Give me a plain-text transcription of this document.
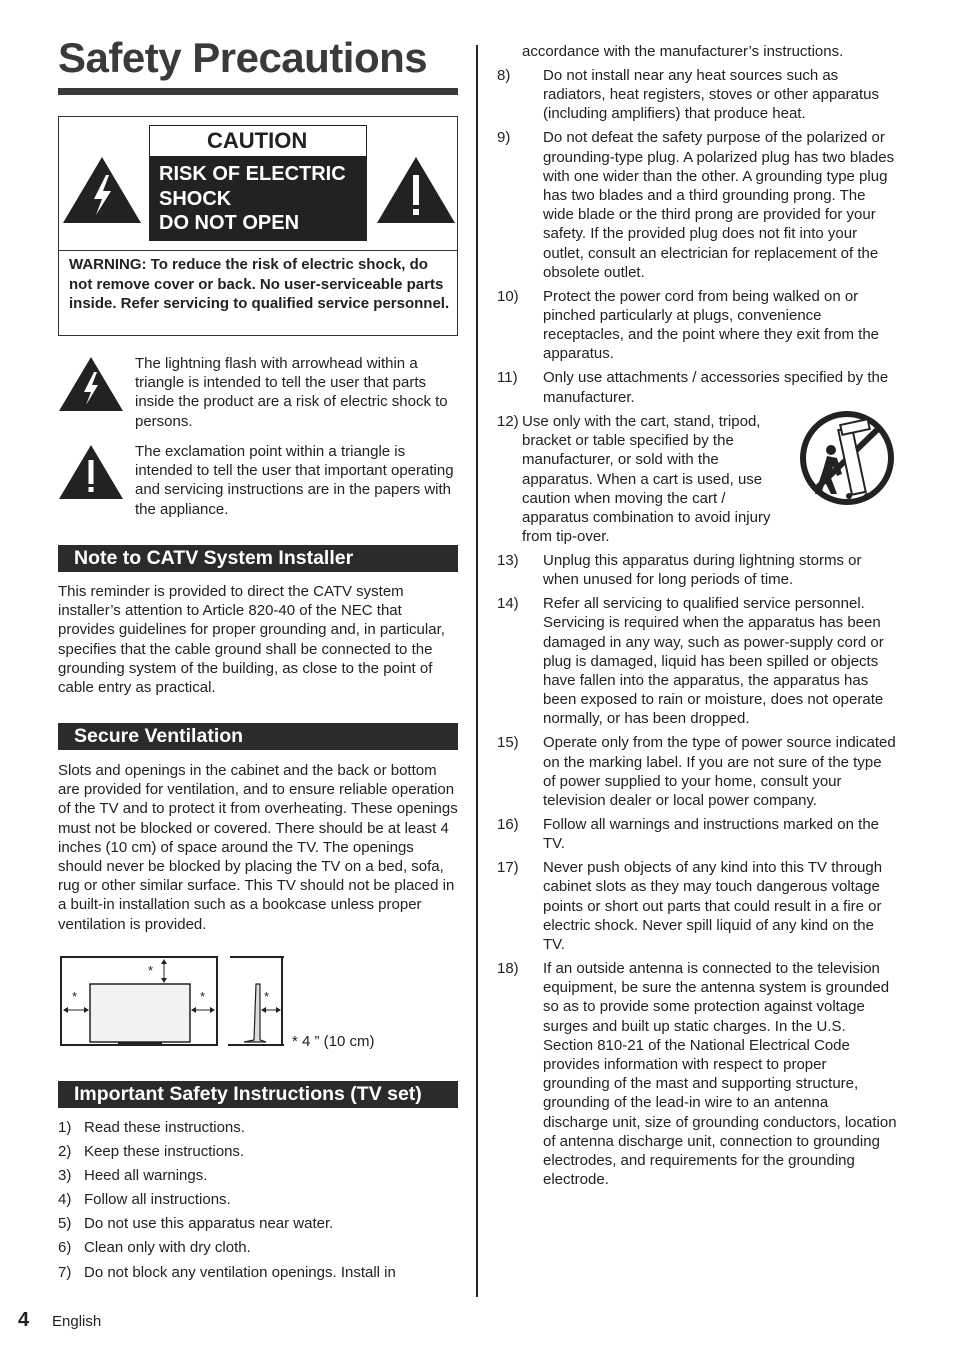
Safety Precautions
CAUTION
RISK OF ELECTRIC
SHOCK
DO NOT OPEN
WARNING: To reduce the risk of electric shock, do not remove cover or back. No user-serviceable parts inside. Refer servicing to qualified service personnel.
The lightning flash with arrowhead within a triangle is intended to tell the user that parts inside the product are a risk of electric shock to persons.
The exclamation point within a triangle is intended to tell the user that important operating and servicing instructions are in the papers with the appliance.
Note to CATV System Installer
This reminder is provided to direct the CATV system installer’s attention to Article 820-40 of the NEC that provides guidelines for proper grounding and, in particular, specifies that the cable ground shall be connected to the grounding system of the building, as close to the point of cable entry as practical.
Secure Ventilation
Slots and openings in the cabinet and the back or bottom are provided for ventilation, and to ensure reliable operation of the TV and to protect it from overheating. These openings must not be blocked or covered. There should be at least 4 inches (10 cm) of space around the TV. The openings should never be blocked by placing the TV on a bed, sofa, rug or other similar surface. This TV should not be placed in a built-in installation such as a bookcase unless proper ventilation is provided.
*
*	*	*
* 4 ” (10 cm)
Important Safety Instructions (TV set)
1) Read these instructions.
2) Keep these instructions.
3) Heed all warnings.
4) Follow all instructions.
5) Do not use this apparatus near water.
6) Clean only with dry cloth.
7) Do not block any ventilation openings. Install in
accordance with the manufacturer’s instructions.
8) Do not install near any heat sources such as radiators, heat registers, stoves or other apparatus (including amplifiers) that produce heat.
9) Do not defeat the safety purpose of the polarized or grounding-type plug. A polarized plug has two blades with one wider than the other. A grounding type plug has two blades and a third grounding prong. The wide blade or the third prong are provided for your safety. If the provided plug does not fit into your outlet, consult an electrician for replacement of the obsolete outlet.
10) Protect the power cord from being walked on or pinched particularly at plugs, convenience receptacles, and the point where they exit from the apparatus.
11) Only use attachments / accessories specified by the manufacturer.
12) Use only with the cart, stand, tripod, bracket or table specified by the manufacturer, or sold with the apparatus. When a cart is used, use caution when moving the cart / apparatus combination to avoid injury from tip-over.
13) Unplug this apparatus during lightning storms or when unused for long periods of time.
14) Refer all servicing to qualified service personnel. Servicing is required when the apparatus has been damaged in any way, such as power-supply cord or plug is damaged, liquid has been spilled or objects have fallen into the apparatus, the apparatus has been exposed to rain or moisture, does not operate normally, or has been dropped.
15) Operate only from the type of power source indicated on the marking label. If you are not sure of the type of power supplied to your home, consult your television dealer or local power company.
16) Follow all warnings and instructions marked on the TV.
17) Never push objects of any kind into this TV through cabinet slots as they may touch dangerous voltage points or short out parts that could result in a fire or electric shock. Never spill liquid of any kind on the TV.
18) If an outside antenna is connected to the television equipment, be sure the antenna system is grounded so as to provide some protection against voltage surges and built up static charges. In the U.S. Section 810-21 of the National Electrical Code provides information with respect to proper grounding of the mast and supporting structure, grounding of the lead-in wire to an antenna discharge unit, size of grounding conductors, location of antenna discharge unit, connection to grounding electrodes, and requirements for the grounding electrode.
4 English
